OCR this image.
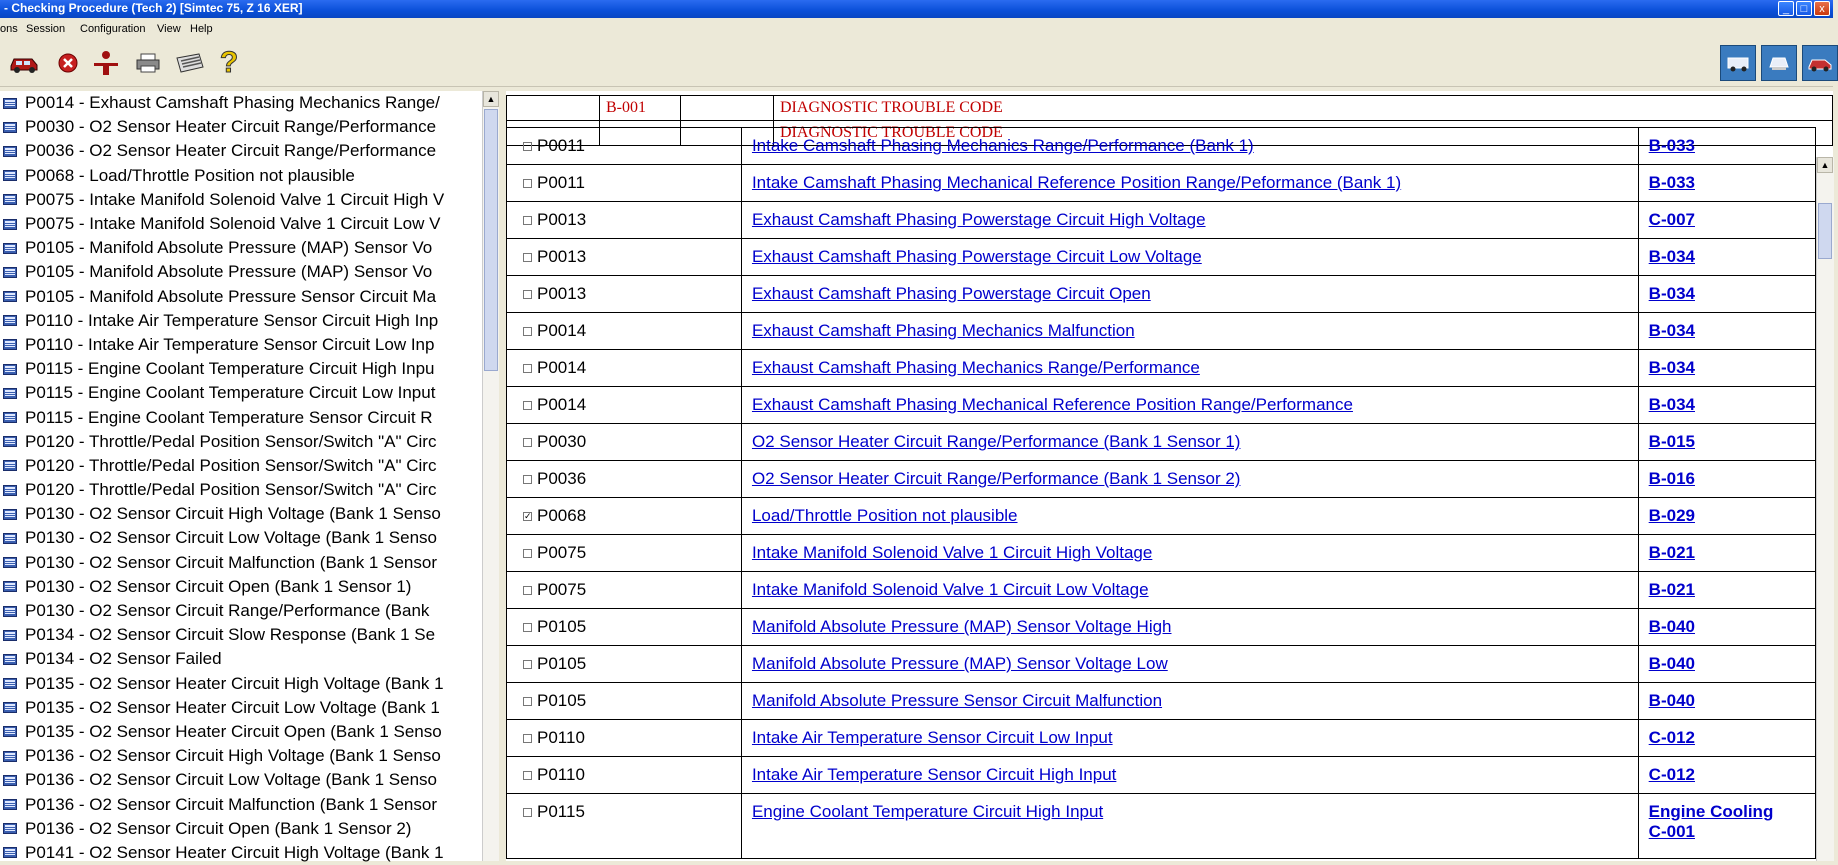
- Checking Procedure (Tech 2) [Simtec 75, Z 16 XER]	_	□	x
ons Session Configuration View Help
?
P0014 - Exhaust Camshaft Phasing Mechanics Range/
P0030 - O2 Sensor Heater Circuit Range/Performance
P0036 - O2 Sensor Heater Circuit Range/Performance
P0068 - Load/Throttle Position not plausible
P0075 - Intake Manifold Solenoid Valve 1 Circuit High V
P0075 - Intake Manifold Solenoid Valve 1 Circuit Low V
P0105 - Manifold Absolute Pressure (MAP) Sensor Vo
P0105 - Manifold Absolute Pressure (MAP) Sensor Vo
P0105 - Manifold Absolute Pressure Sensor Circuit Ma
P0110 - Intake Air Temperature Sensor Circuit High Inp
P0110 - Intake Air Temperature Sensor Circuit Low Inp
P0115 - Engine Coolant Temperature Circuit High Inpu
P0115 - Engine Coolant Temperature Circuit Low Input
P0115 - Engine Coolant Temperature Sensor Circuit R
P0120 - Throttle/Pedal Position Sensor/Switch "A" Circ
P0120 - Throttle/Pedal Position Sensor/Switch "A" Circ
P0120 - Throttle/Pedal Position Sensor/Switch "A" Circ
P0130 - O2 Sensor Circuit High Voltage (Bank 1 Senso
P0130 - O2 Sensor Circuit Low Voltage (Bank 1 Senso
P0130 - O2 Sensor Circuit Malfunction (Bank 1 Sensor
P0130 - O2 Sensor Circuit Open (Bank 1 Sensor 1)
P0130 - O2 Sensor Circuit Range/Performance (Bank
P0134 - O2 Sensor Circuit Slow Response (Bank 1 Se
P0134 - O2 Sensor Failed
P0135 - O2 Sensor Heater Circuit High Voltage (Bank 1
P0135 - O2 Sensor Heater Circuit Low Voltage (Bank 1
P0135 - O2 Sensor Heater Circuit Open (Bank 1 Senso
P0136 - O2 Sensor Circuit High Voltage (Bank 1 Senso
P0136 - O2 Sensor Circuit Low Voltage (Bank 1 Senso
P0136 - O2 Sensor Circuit Malfunction (Bank 1 Sensor
P0136 - O2 Sensor Circuit Open (Bank 1 Sensor 2)
P0141 - O2 Sensor Heater Circuit High Voltage (Bank 1
▲
		B-001		DIAGNOSTIC TROUBLE CODE
			DIAGNOSTIC TROUBLE CODE
P0011	Intake Camshaft Phasing Mechanics Range/Performance (Bank 1)	B-033
P0011	Intake Camshaft Phasing Mechanical Reference Position Range/Peformance (Bank 1)	B-033
P0013	Exhaust Camshaft Phasing Powerstage Circuit High Voltage	C-007
P0013	Exhaust Camshaft Phasing Powerstage Circuit Low Voltage	B-034
P0013	Exhaust Camshaft Phasing Powerstage Circuit Open	B-034
P0014	Exhaust Camshaft Phasing Mechanics Malfunction	B-034
P0014	Exhaust Camshaft Phasing Mechanics Range/Performance	B-034
P0014	Exhaust Camshaft Phasing Mechanical Reference Position Range/Performance	B-034
P0030	O2 Sensor Heater Circuit Range/Performance (Bank 1 Sensor 1)	B-015
P0036	O2 Sensor Heater Circuit Range/Performance (Bank 1 Sensor 2)	B-016
✓ P0068	Load/Throttle Position not plausible	B-029
P0075	Intake Manifold Solenoid Valve 1 Circuit High Voltage	B-021
P0075	Intake Manifold Solenoid Valve 1 Circuit Low Voltage	B-021
P0105	Manifold Absolute Pressure (MAP) Sensor Voltage High	B-040
P0105	Manifold Absolute Pressure (MAP) Sensor Voltage Low	B-040
P0105	Manifold Absolute Pressure Sensor Circuit Malfunction	B-040
P0110	Intake Air Temperature Sensor Circuit Low Input	C-012
P0110	Intake Air Temperature Sensor Circuit High Input	C-012
P0115	Engine Coolant Temperature Circuit High Input	Engine Cooling
C-001
▲
